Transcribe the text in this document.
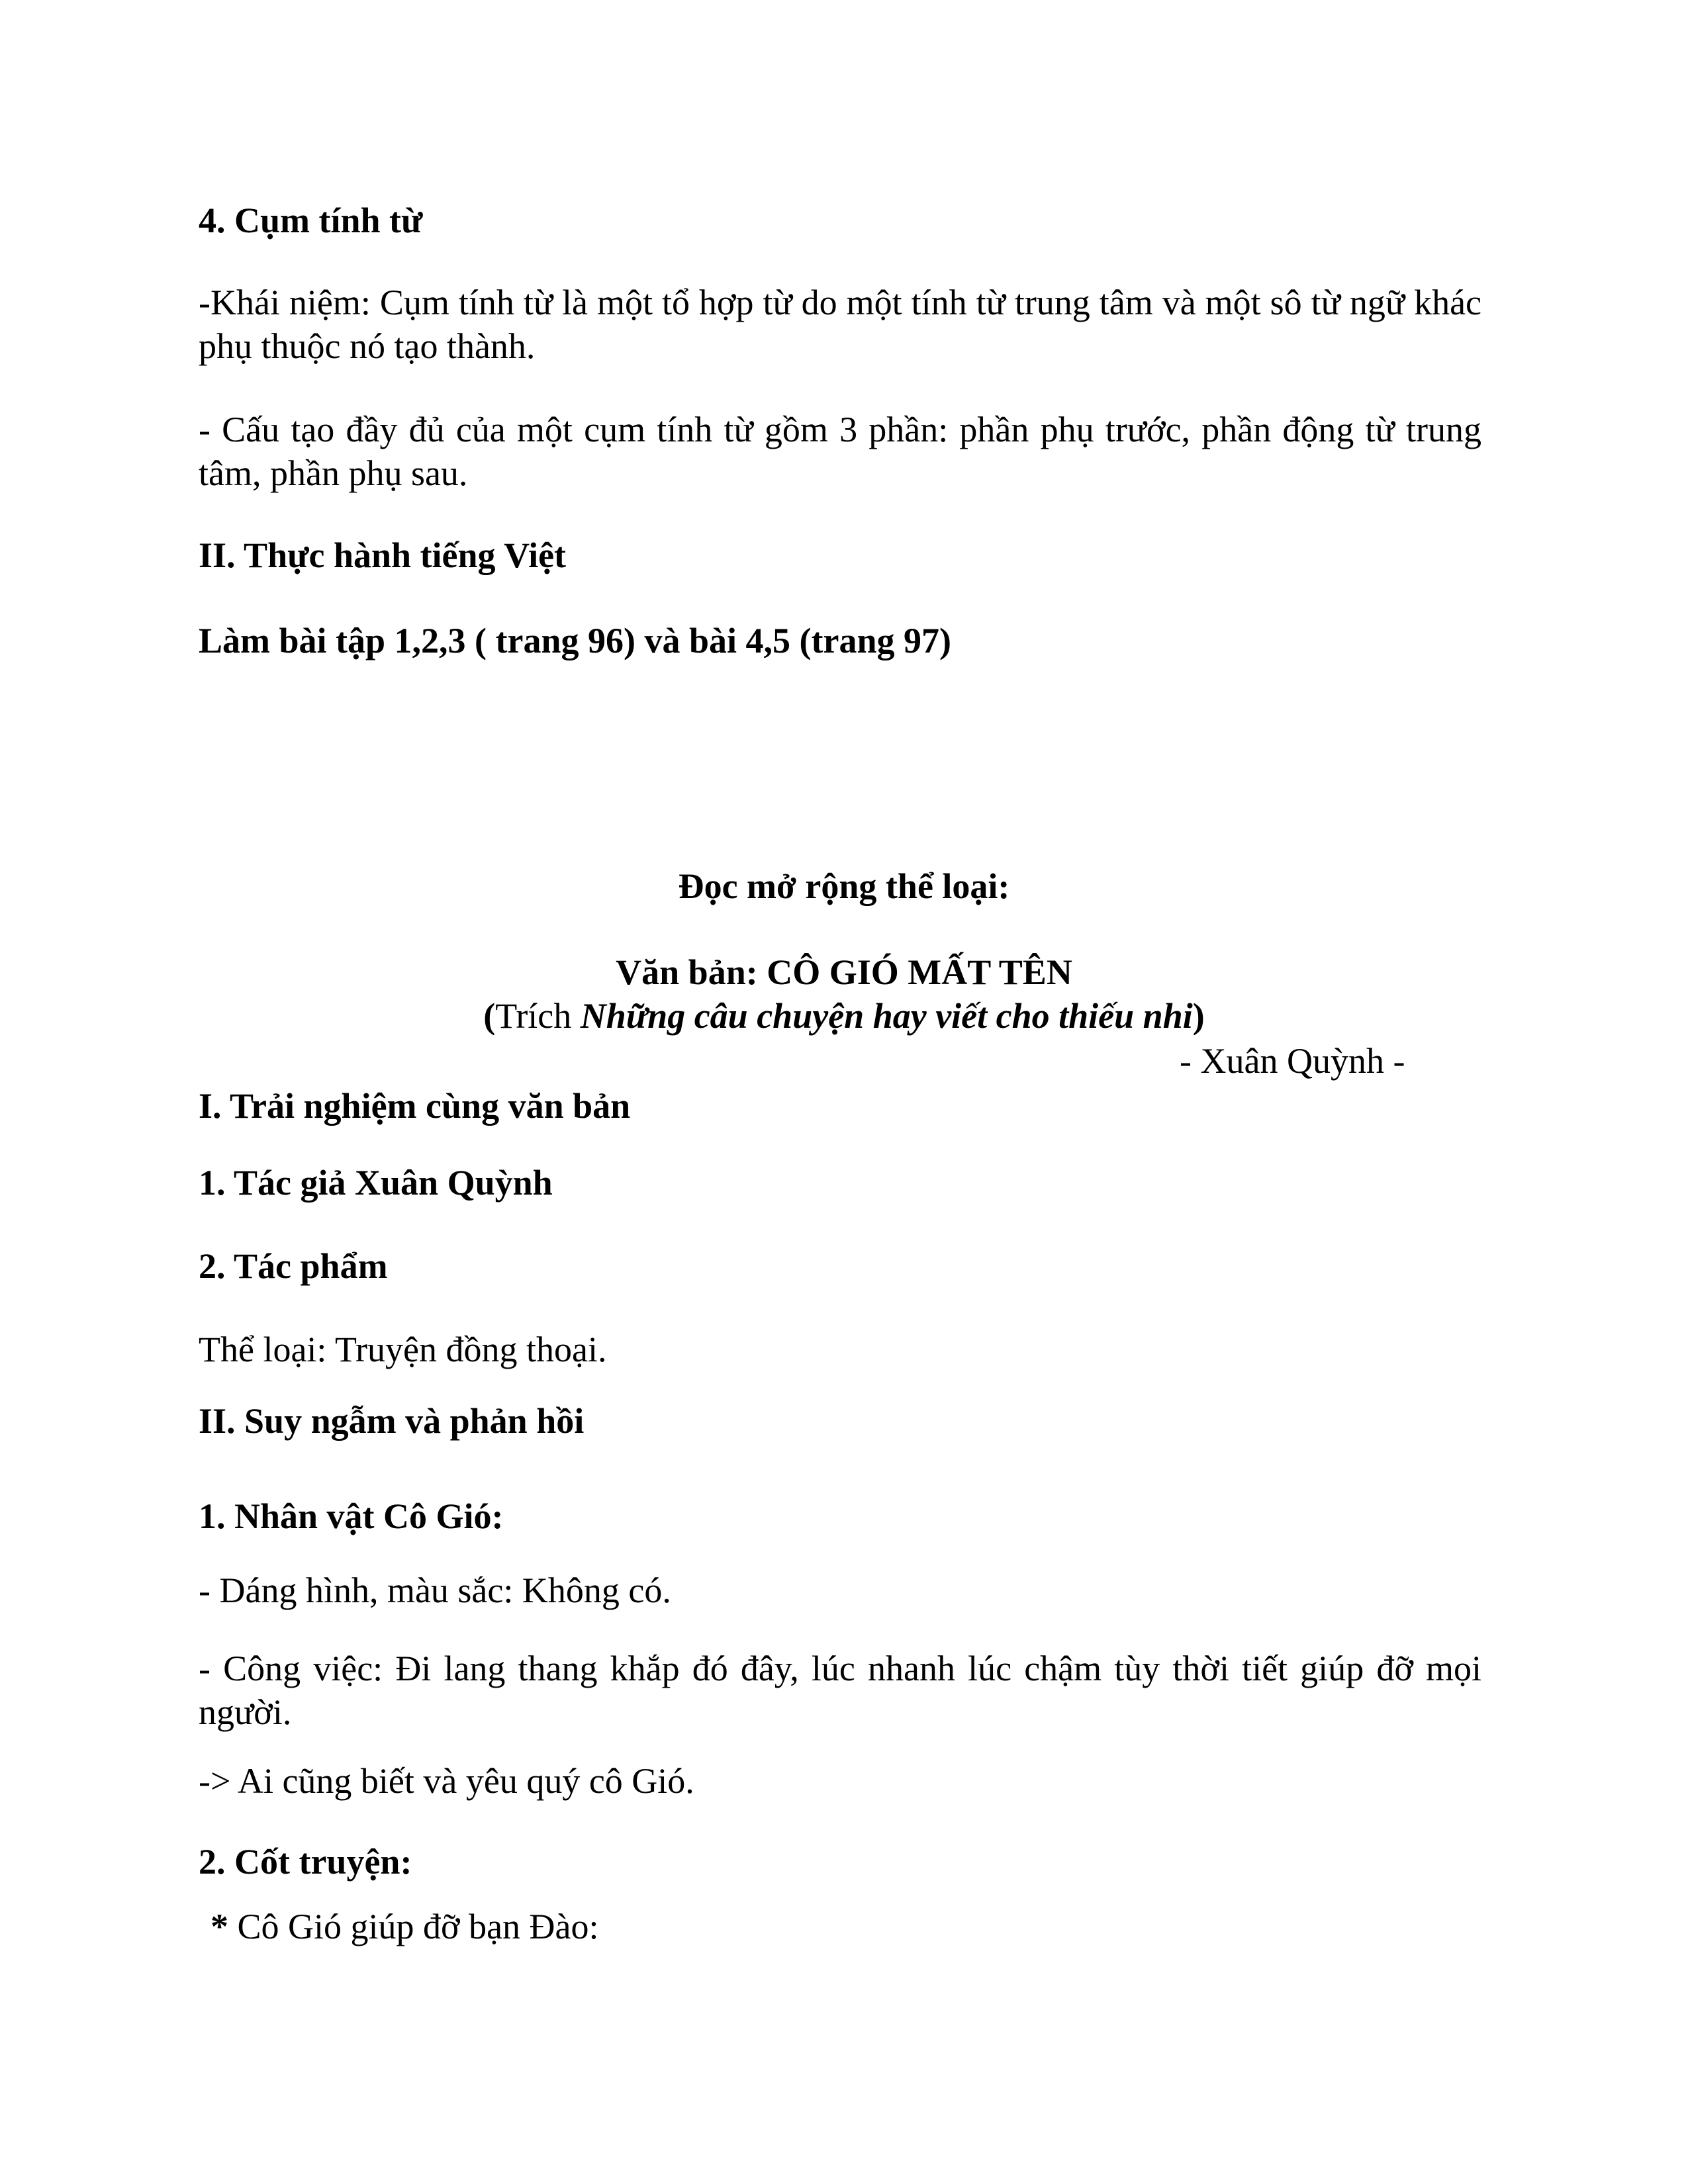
4. Cụm tính từ

-Khái niệm: Cụm tính từ là một tổ hợp từ do một tính từ trung tâm và một sô từ ngữ khác phụ thuộc nó tạo thành.

- Cấu tạo đầy đủ của một cụm tính từ gồm 3 phần: phần phụ trước, phần động từ trung tâm, phần phụ sau.

II. Thực hành tiếng Việt

Làm bài tập 1,2,3 ( trang 96) và bài 4,5 (trang 97)

Đọc mở rộng thể loại:

Văn bản: CÔ GIÓ MẤT TÊN

(Trích Những câu chuyện hay viết cho thiếu nhi)

- Xuân Quỳnh -

I. Trải nghiệm cùng văn bản

1. Tác giả Xuân Quỳnh

2. Tác phẩm

Thể loại: Truyện đồng thoại.

II. Suy ngẫm và phản hồi

1. Nhân vật Cô Gió:

- Dáng hình, màu sắc: Không có.

- Công việc: Đi lang thang khắp đó đây, lúc nhanh lúc chậm tùy thời tiết giúp đỡ mọi người.

-> Ai cũng biết và yêu quý cô Gió.

2. Cốt truyện:

* Cô Gió giúp đỡ bạn Đào:
